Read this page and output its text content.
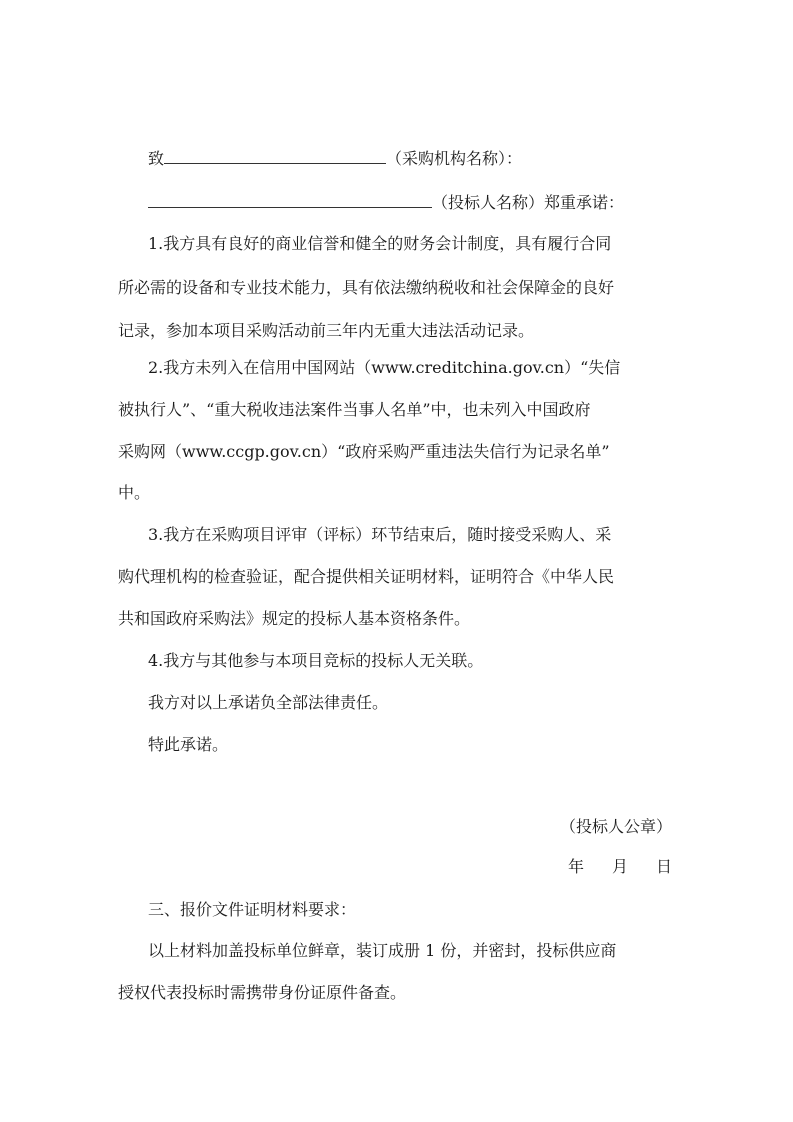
致	（采购机构名称）：
（投标人名称）郑重承诺：
1.我方具有良好的商业信誉和健全的财务会计制度，具有履行合同
所必需的设备和专业技术能力，具有依法缴纳税收和社会保障金的良好
记录，参加本项目采购活动前三年内无重大违法活动记录。
2.我方未列入在信用中国网站（www.creditchina.gov.cn）“失信
被执行人”、“重大税收违法案件当事人名单”中，也未列入中国政府
采购网（www.ccgp.gov.cn）“政府采购严重违法失信行为记录名单”
中。
3.我方在采购项目评审（评标）环节结束后，随时接受采购人、采
购代理机构的检查验证，配合提供相关证明材料，证明符合《中华人民
共和国政府采购法》规定的投标人基本资格条件。
4.我方与其他参与本项目竞标的投标人无关联。
我方对以上承诺负全部法律责任。
特此承诺。
（投标人公章）
年 月 日
三、报价文件证明材料要求：
以上材料加盖投标单位鲜章，装订成册 1 份，并密封，投标供应商
授权代表投标时需携带身份证原件备查。
